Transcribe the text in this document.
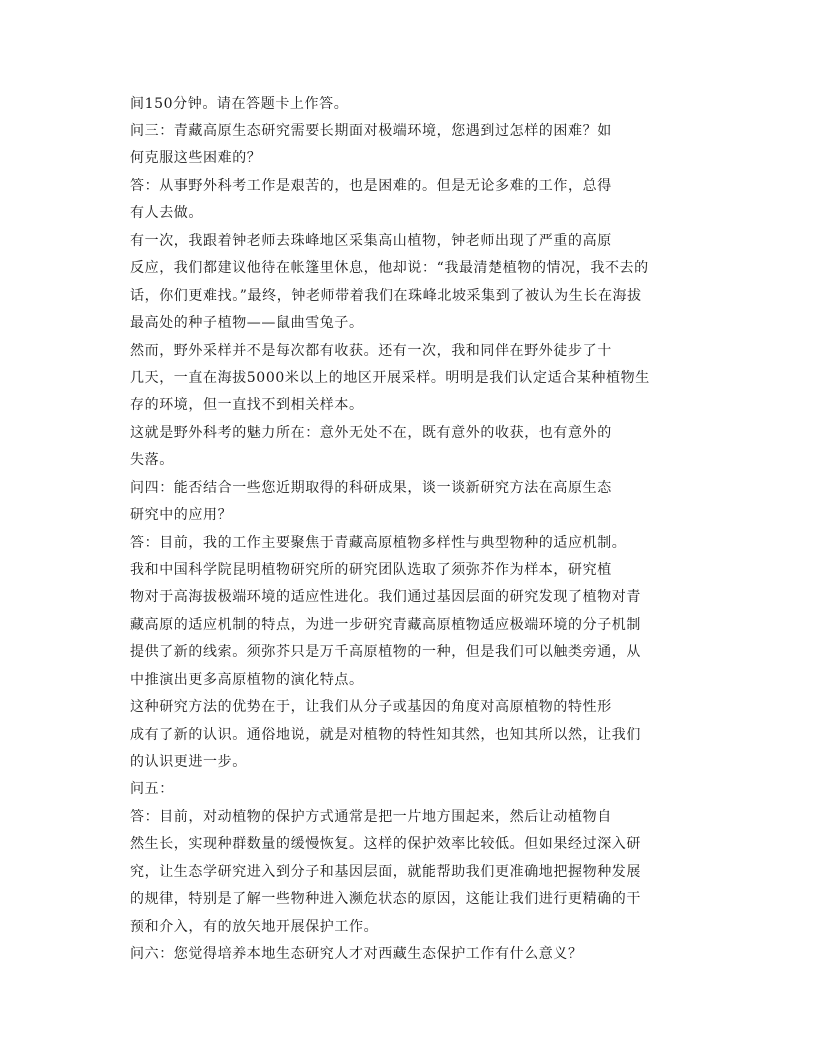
间150分钟。请在答题卡上作答。
问三：青藏高原生态研究需要长期面对极端环境，您遇到过怎样的困难？如
何克服这些困难的？
答：从事野外科考工作是艰苦的，也是困难的。但是无论多难的工作，总得
有人去做。
有一次，我跟着钟老师去珠峰地区采集高山植物，钟老师出现了严重的高原
反应，我们都建议他待在帐篷里休息，他却说：“我最清楚植物的情况，我不去的
话，你们更难找。”最终，钟老师带着我们在珠峰北坡采集到了被认为生长在海拔
最高处的种子植物——鼠曲雪兔子。
然而，野外采样并不是每次都有收获。还有一次，我和同伴在野外徒步了十
几天，一直在海拔5000米以上的地区开展采样。明明是我们认定适合某种植物生
存的环境，但一直找不到相关样本。
这就是野外科考的魅力所在：意外无处不在，既有意外的收获，也有意外的
失落。
问四：能否结合一些您近期取得的科研成果，谈一谈新研究方法在高原生态
研究中的应用？
答：目前，我的工作主要聚焦于青藏高原植物多样性与典型物种的适应机制。
我和中国科学院昆明植物研究所的研究团队选取了须弥芥作为样本，研究植
物对于高海拔极端环境的适应性进化。我们通过基因层面的研究发现了植物对青
藏高原的适应机制的特点，为进一步研究青藏高原植物适应极端环境的分子机制
提供了新的线索。须弥芥只是万千高原植物的一种，但是我们可以触类旁通，从
中推演出更多高原植物的演化特点。
这种研究方法的优势在于，让我们从分子或基因的角度对高原植物的特性形
成有了新的认识。通俗地说，就是对植物的特性知其然，也知其所以然，让我们
的认识更进一步。
问五：
答：目前，对动植物的保护方式通常是把一片地方围起来，然后让动植物自
然生长，实现种群数量的缓慢恢复。这样的保护效率比较低。但如果经过深入研
究，让生态学研究进入到分子和基因层面，就能帮助我们更准确地把握物种发展
的规律，特别是了解一些物种进入濒危状态的原因，这能让我们进行更精确的干
预和介入，有的放矢地开展保护工作。
问六：您觉得培养本地生态研究人才对西藏生态保护工作有什么意义？
